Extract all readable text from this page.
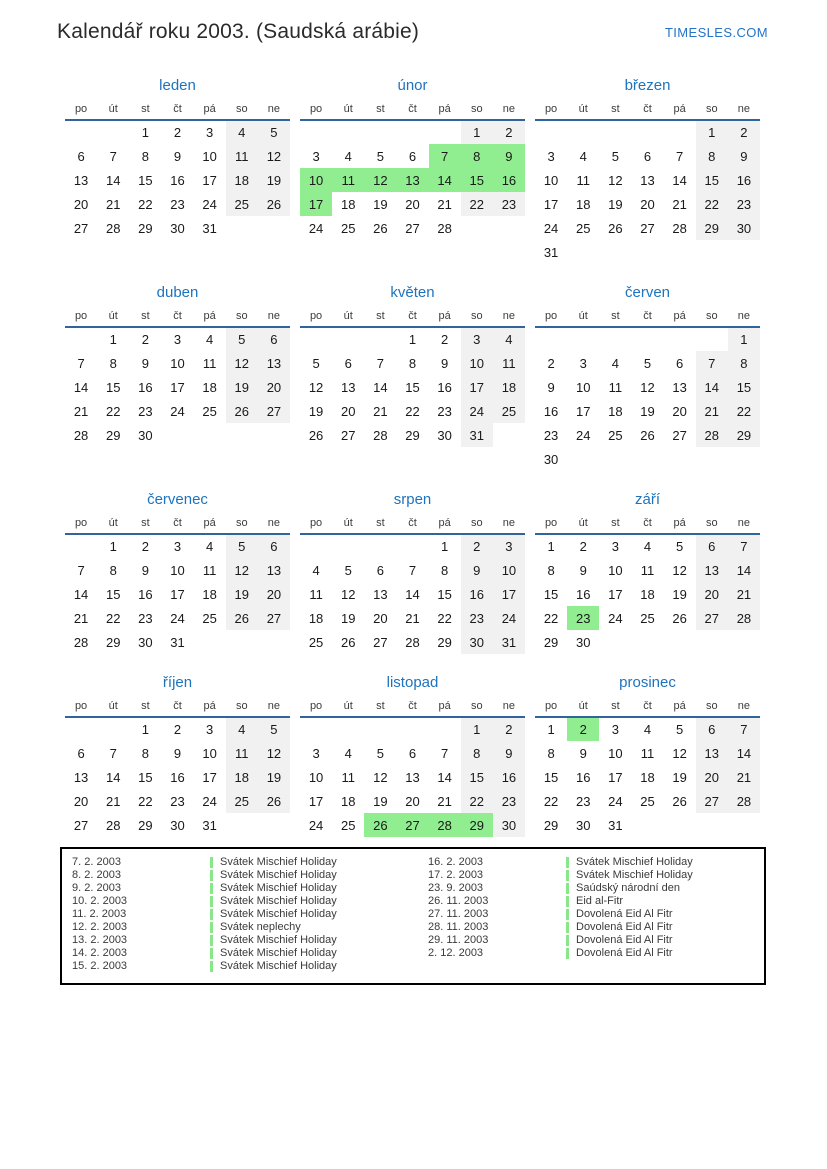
Kalendář roku 2003. (Saudská arábie)	TIMESLES.COM
leden
po	út	st	čt	pá	so	ne
		1	2	3	4	5
6	7	8	9	10	11	12
13	14	15	16	17	18	19
20	21	22	23	24	25	26
27	28	29	30	31		
únor
po	út	st	čt	pá	so	ne
					1	2
3	4	5	6	7	8	9
10	11	12	13	14	15	16
17	18	19	20	21	22	23
24	25	26	27	28		
březen
po	út	st	čt	pá	so	ne
					1	2
3	4	5	6	7	8	9
10	11	12	13	14	15	16
17	18	19	20	21	22	23
24	25	26	27	28	29	30
31						
duben
po	út	st	čt	pá	so	ne
	1	2	3	4	5	6
7	8	9	10	11	12	13
14	15	16	17	18	19	20
21	22	23	24	25	26	27
28	29	30				
květen
po	út	st	čt	pá	so	ne
			1	2	3	4
5	6	7	8	9	10	11
12	13	14	15	16	17	18
19	20	21	22	23	24	25
26	27	28	29	30	31	
červen
po	út	st	čt	pá	so	ne
						1
2	3	4	5	6	7	8
9	10	11	12	13	14	15
16	17	18	19	20	21	22
23	24	25	26	27	28	29
30						
červenec
po	út	st	čt	pá	so	ne
	1	2	3	4	5	6
7	8	9	10	11	12	13
14	15	16	17	18	19	20
21	22	23	24	25	26	27
28	29	30	31			
srpen
po	út	st	čt	pá	so	ne
				1	2	3
4	5	6	7	8	9	10
11	12	13	14	15	16	17
18	19	20	21	22	23	24
25	26	27	28	29	30	31
září
po	út	st	čt	pá	so	ne
1	2	3	4	5	6	7
8	9	10	11	12	13	14
15	16	17	18	19	20	21
22	23	24	25	26	27	28
29	30					
říjen
po	út	st	čt	pá	so	ne
		1	2	3	4	5
6	7	8	9	10	11	12
13	14	15	16	17	18	19
20	21	22	23	24	25	26
27	28	29	30	31		
listopad
po	út	st	čt	pá	so	ne
					1	2
3	4	5	6	7	8	9
10	11	12	13	14	15	16
17	18	19	20	21	22	23
24	25	26	27	28	29	30
prosinec
po	út	st	čt	pá	so	ne
1	2	3	4	5	6	7
8	9	10	11	12	13	14
15	16	17	18	19	20	21
22	23	24	25	26	27	28
29	30	31				
7. 2. 2003	Svátek Mischief Holiday
8. 2. 2003	Svátek Mischief Holiday
9. 2. 2003	Svátek Mischief Holiday
10. 2. 2003	Svátek Mischief Holiday
11. 2. 2003	Svátek Mischief Holiday
12. 2. 2003	Svátek neplechy
13. 2. 2003	Svátek Mischief Holiday
14. 2. 2003	Svátek Mischief Holiday
15. 2. 2003	Svátek Mischief Holiday
16. 2. 2003	Svátek Mischief Holiday
17. 2. 2003	Svátek Mischief Holiday
23. 9. 2003	Saúdský národní den
26. 11. 2003	Eid al-Fitr
27. 11. 2003	Dovolená Eid Al Fitr
28. 11. 2003	Dovolená Eid Al Fitr
29. 11. 2003	Dovolená Eid Al Fitr
2. 12. 2003	Dovolená Eid Al Fitr
